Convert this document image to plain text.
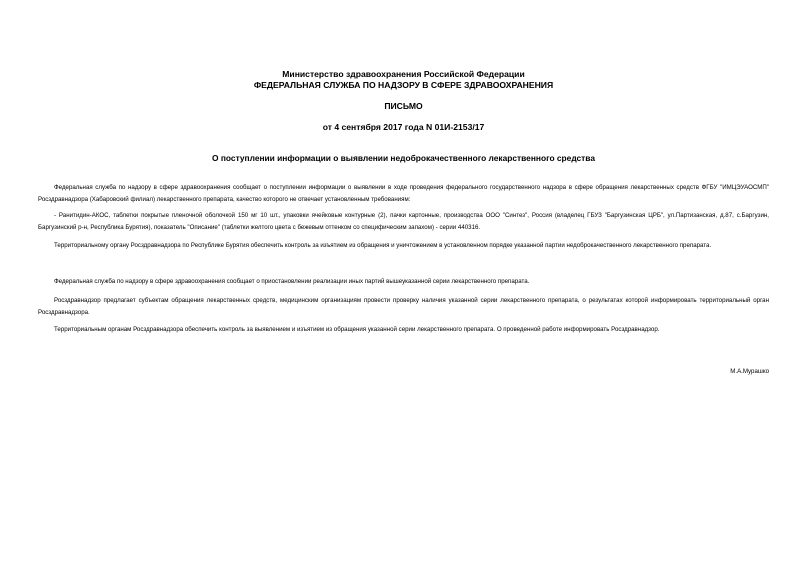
Министерство здравоохранения Российской Федерации
ФЕДЕРАЛЬНАЯ СЛУЖБА ПО НАДЗОРУ В СФЕРЕ ЗДРАВООХРАНЕНИЯ
ПИСЬМО
от 4 сентября 2017 года N 01И-2153/17
О поступлении информации о выявлении недоброкачественного лекарственного средства
Федеральная служба по надзору в сфере здравоохранения сообщает о поступлении информации о выявлении в ходе проведения федерального государственного надзора в сфере обращения лекарственных средств ФГБУ "ИМЦЭУАОСМП" Росздравнадзора (Хабаровский филиал) лекарственного препарата, качество которого не отвечает установленным требованиям:
- Ранитидин-АКОС, таблетки покрытые пленочной оболочкой 150 мг 10 шт., упаковки ячейковые контурные (2), пачки картонные, производства ООО "Синтез", Россия (владелец ГБУЗ "Баргузинская ЦРБ", ул.Партизанская, д.87, с.Баргузин, Баргузинский р-н, Республика Бурятия), показатель "Описание" (таблетки желтого цвета с бежевым оттенком со специфическим запахом) - серии 440316.
Территориальному органу Росздравнадзора по Республике Бурятия обеспечить контроль за изъятием из обращения и уничтожением в установленном порядке указанной партии недоброкачественного лекарственного препарата.
Федеральная служба по надзору в сфере здравоохранения сообщает о приостановлении реализации иных партий вышеуказанной серии лекарственного препарата.
Росздравнадзор предлагает субъектам обращения лекарственных средств, медицинским организациям провести проверку наличия указанной серии лекарственного препарата, о результатах которой информировать территориальный орган Росздравнадзора.
Территориальным органам Росздравнадзора обеспечить контроль за выявлением и изъятием из обращения указанной серии лекарственного препарата. О проведенной работе информировать Росздравнадзор.
М.А.Мурашко
